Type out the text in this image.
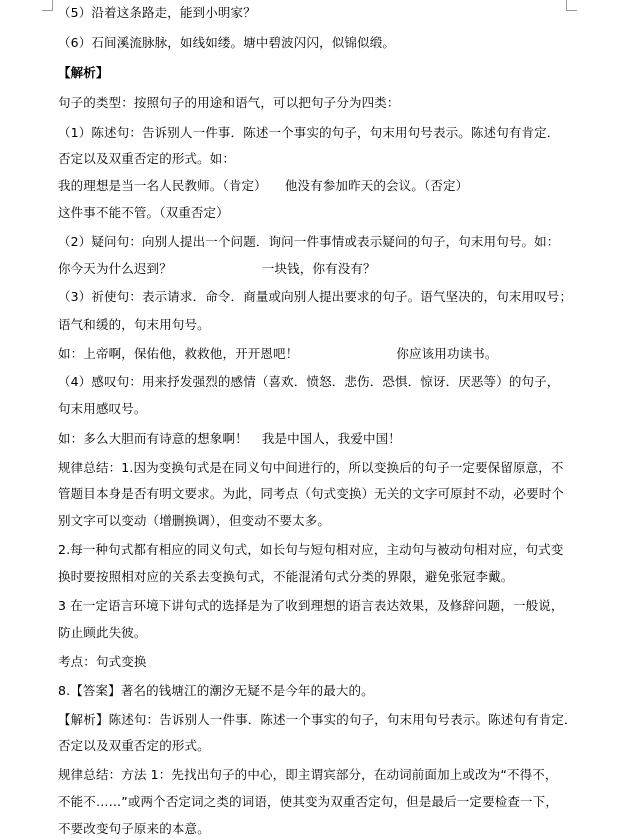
（5）沿着这条路走，能到小明家？
（6）石间溪流脉脉，如线如缕。塘中碧波闪闪，似锦似缎。
【解析】
句子的类型：按照句子的用途和语气，可以把句子分为四类：
（1）陈述句：告诉别人一件事．陈述一个事实的句子，句末用句号表示。陈述句有肯定．
否定以及双重否定的形式。如：
我的理想是当一名人民教师。（肯定） 他没有参加昨天的会议。（否定）
这件事不能不管。（双重否定）
（2）疑问句：向别人提出一个问题．询问一件事情或表示疑问的句子，句末用句号。如：
你今天为什么迟到？	一块钱，你有没有？
（3）祈使句：表示请求．命令．商量或向别人提出要求的句子。语气坚决的，句末用叹号；
语气和缓的，句末用句号。
如：上帝啊，保佑他，救救他，开开恩吧！	你应该用功读书。
（4）感叹句：用来抒发强烈的感情（喜欢．愤怒．悲伤．恐惧．惊讶．厌恶等）的句子，
句末用感叹号。
如：多么大胆而有诗意的想象啊！ 我是中国人，我爱中国！
规律总结：1.因为变换句式是在同义句中间进行的，所以变换后的句子一定要保留原意，不
管题目本身是否有明文要求。为此，同考点（句式变换）无关的文字可原封不动，必要时个
别文字可以变动（增删换调），但变动不要太多。
2.每一种句式都有相应的同义句式，如长句与短句相对应，主动句与被动句相对应，句式变
换时要按照相对应的关系去变换句式，不能混淆句式分类的界限，避免张冠李戴。
3 在一定语言环境下讲句式的选择是为了收到理想的语言表达效果，及修辞问题，一般说，
防止顾此失彼。
考点：句式变换
8.【答案】著名的钱塘江的潮汐无疑不是今年的最大的。
【解析】陈述句：告诉别人一件事．陈述一个事实的句子，句末用句号表示。陈述句有肯定．
否定以及双重否定的形式。
规律总结：方法 1：先找出句子的中心，即主谓宾部分，在动词前面加上或改为“不得不，
不能不……”或两个否定词之类的词语，使其变为双重否定句，但是最后一定要检查一下，
不要改变句子原来的本意。
